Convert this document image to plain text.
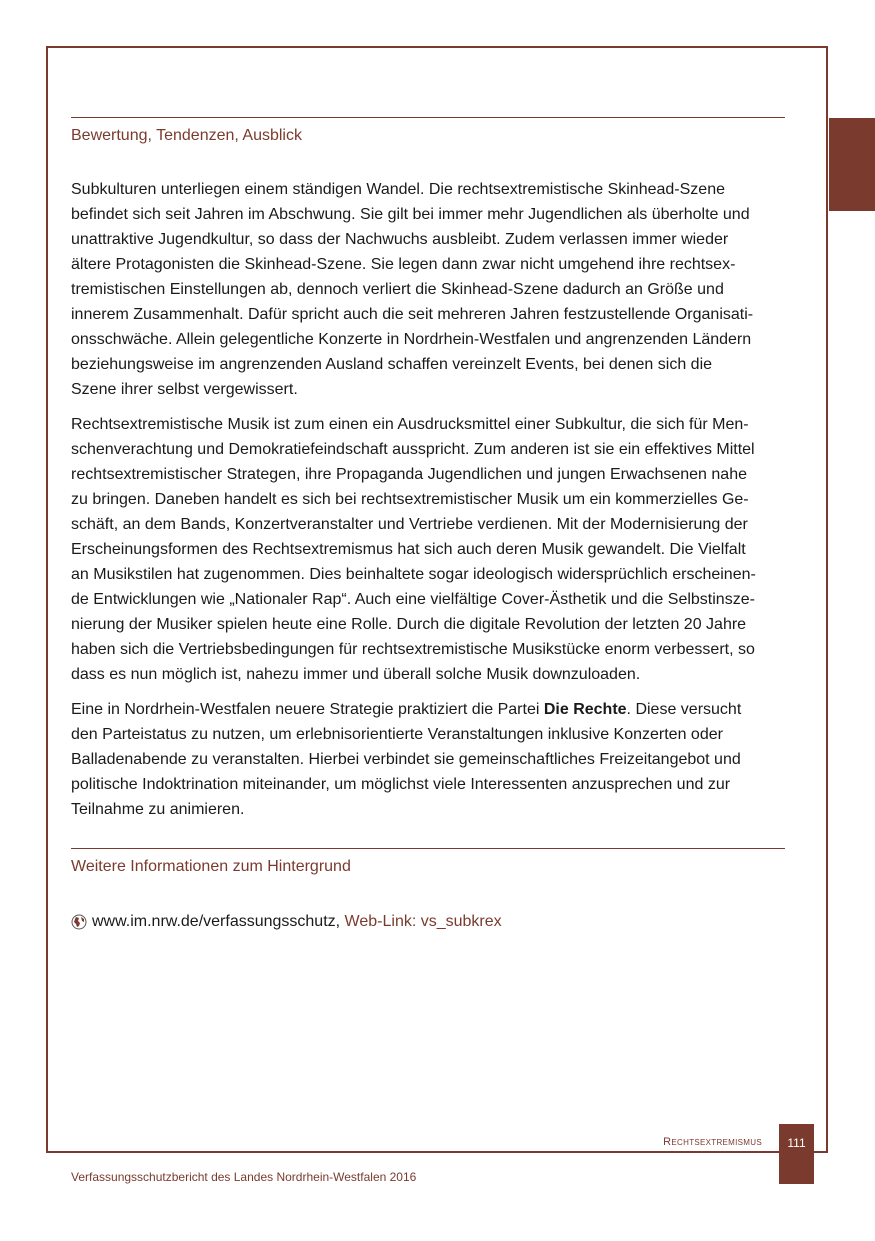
Bewertung, Tendenzen, Ausblick

Subkulturen unterliegen einem ständigen Wandel. Die rechtsextremistische Skinhead-Szene
befindet sich seit Jahren im Abschwung. Sie gilt bei immer mehr Jugendlichen als überholte und
unattraktive Jugendkultur, so dass der Nachwuchs ausbleibt. Zudem verlassen immer wieder
ältere Protagonisten die Skinhead-Szene. Sie legen dann zwar nicht umgehend ihre rechtsex-
tremistischen Einstellungen ab, dennoch verliert die Skinhead-Szene dadurch an Größe und
innerem Zusammenhalt. Dafür spricht auch die seit mehreren Jahren festzustellende Organisati-
onsschwäche. Allein gelegentliche Konzerte in Nordrhein-Westfalen und angrenzenden Ländern
beziehungsweise im angrenzenden Ausland schaffen vereinzelt Events, bei denen sich die
Szene ihrer selbst vergewissert.

Rechtsextremistische Musik ist zum einen ein Ausdrucksmittel einer Subkultur, die sich für Men-
schenverachtung und Demokratiefeindschaft ausspricht. Zum anderen ist sie ein effektives Mittel
rechtsextremistischer Strategen, ihre Propaganda Jugendlichen und jungen Erwachsenen nahe
zu bringen. Daneben handelt es sich bei rechtsextremistischer Musik um ein kommerzielles Ge-
schäft, an dem Bands, Konzertveranstalter und Vertriebe verdienen. Mit der Modernisierung der
Erscheinungsformen des Rechtsextremismus hat sich auch deren Musik gewandelt. Die Vielfalt
an Musikstilen hat zugenommen. Dies beinhaltete sogar ideologisch widersprüchlich erscheinen-
de Entwicklungen wie „Nationaler Rap“. Auch eine vielfältige Cover-Ästhetik und die Selbstinsze-
nierung der Musiker spielen heute eine Rolle. Durch die digitale Revolution der letzten 20 Jahre
haben sich die Vertriebsbedingungen für rechtsextremistische Musikstücke enorm verbessert, so
dass es nun möglich ist, nahezu immer und überall solche Musik downzuloaden.

Eine in Nordrhein-Westfalen neuere Strategie praktiziert die Partei Die Rechte. Diese versucht
den Parteistatus zu nutzen, um erlebnisorientierte Veranstaltungen inklusive Konzerten oder
Balladenabende zu veranstalten. Hierbei verbindet sie gemeinschaftliches Freizeitangebot und
politische Indoktrination miteinander, um möglichst viele Interessenten anzusprechen und zur
Teilnahme zu animieren.

Weitere Informationen zum Hintergrund
www.im.nrw.de/verfassungsschutz,
Web-Link: vs_subkrex
Rechtsextremismus	111
Verfassungsschutzbericht des Landes Nordrhein-Westfalen 2016
